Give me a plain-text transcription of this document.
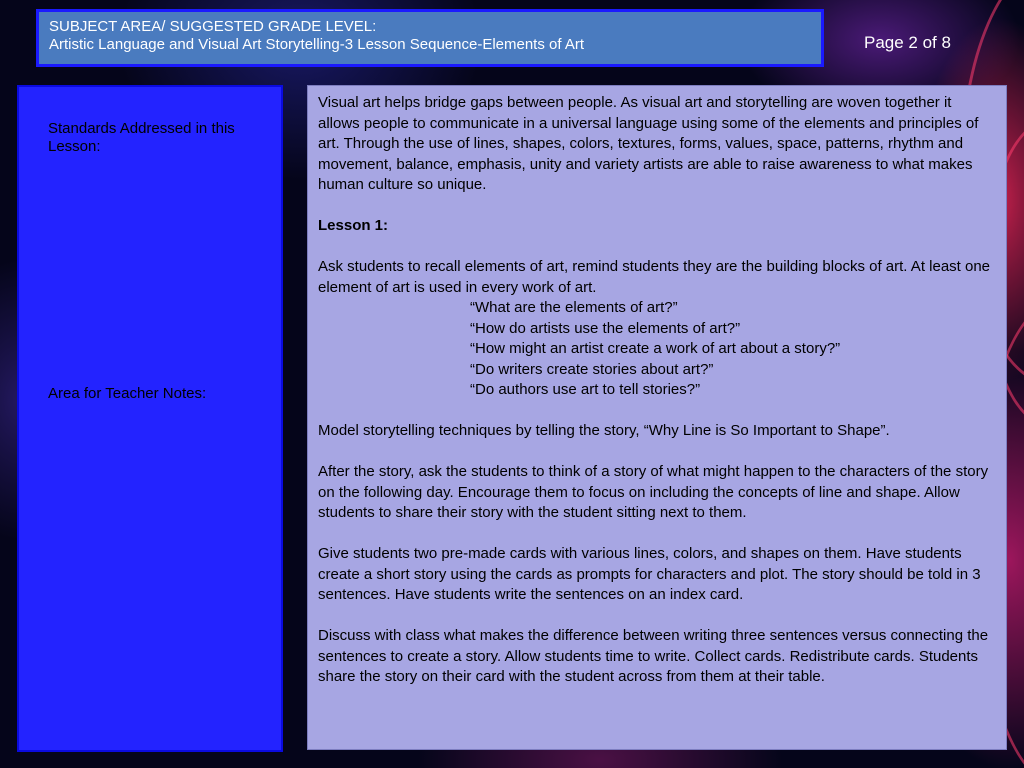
SUBJECT AREA/ SUGGESTED GRADE LEVEL:
Artistic Language and Visual Art Storytelling-3 Lesson Sequence-Elements of Art	Page 2 of 8
Standards Addressed in this Lesson:
Area for Teacher Notes:

Visual art helps bridge gaps between people. As visual art and storytelling are woven together it allows people to communicate in a universal language using some of the elements and principles of art. Through the use of lines, shapes, colors, textures, forms, values, space, patterns, rhythm and movement, balance, emphasis, unity and variety artists are able to raise awareness to what makes human culture so unique.

Lesson 1:

Ask students to recall elements of art, remind students they are the building blocks of art. At least one element of art is used in every work of art.

“What are the elements of art?”

“How do artists use the elements of art?”

“How might an artist create a work of art about a story?”

“Do writers create stories about art?”

“Do authors use art to tell stories?”

Model storytelling techniques by telling the story, “Why Line is So Important to Shape”.

After the story, ask the students to think of a story of what might happen to the characters of the story on the following day. Encourage them to focus on including the concepts of line and shape. Allow students to share their story with the student sitting next to them.

Give students two pre-made cards with various lines, colors, and shapes on them. Have students create a short story using the cards as prompts for characters and plot. The story should be told in 3 sentences. Have students write the sentences on an index card.

Discuss with class what makes the difference between writing three sentences versus connecting the sentences to create a story. Allow students time to write. Collect cards. Redistribute cards. Students share the story on their card with the student across from them at their table.
